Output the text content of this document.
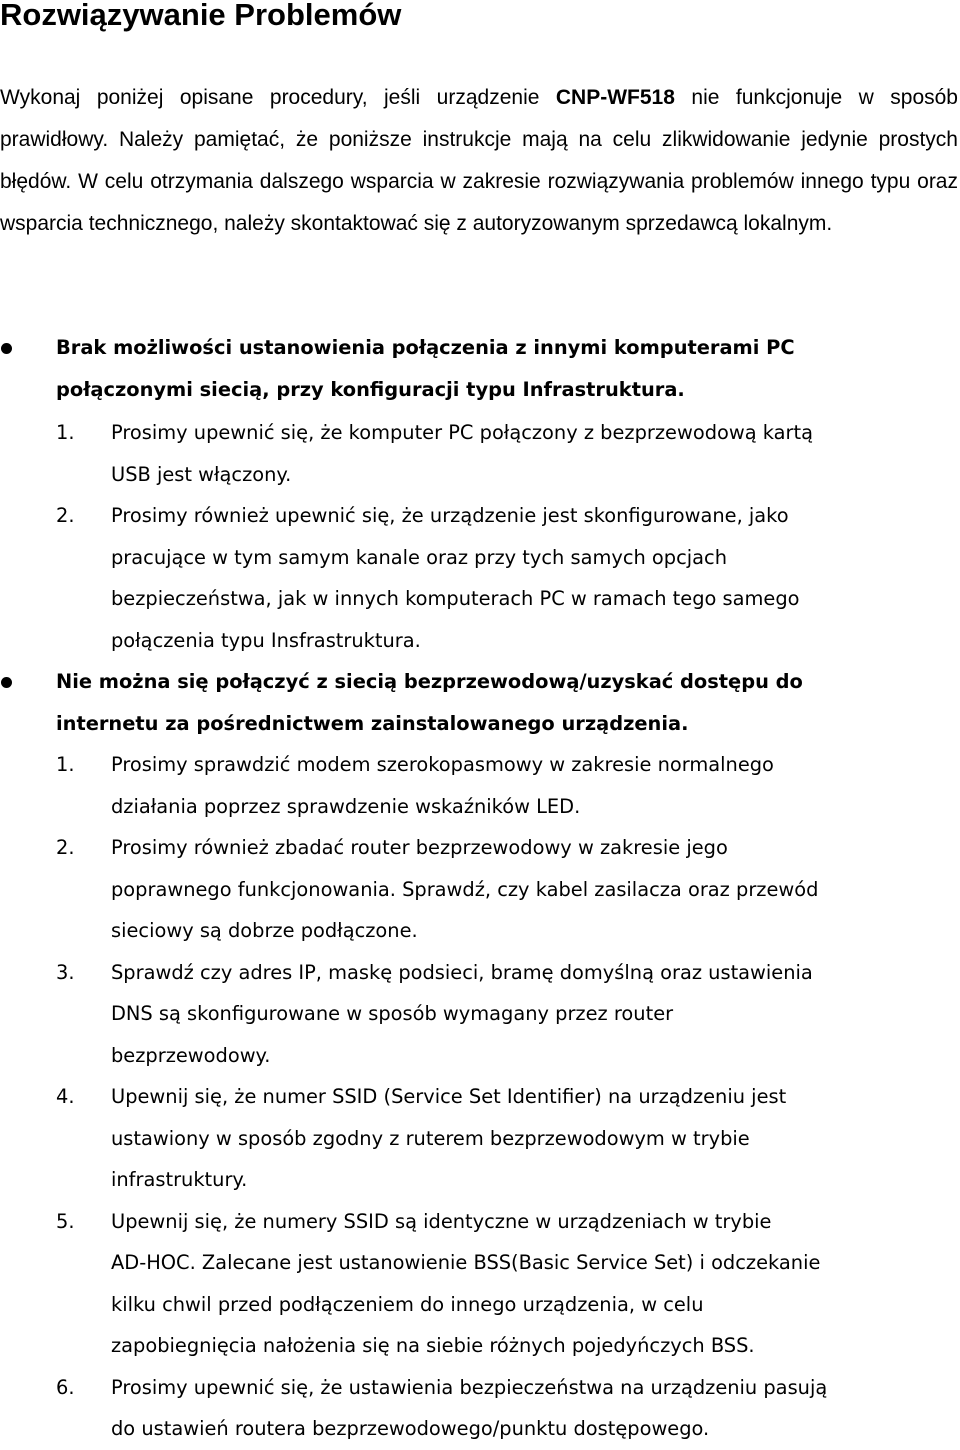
Rozwiązywanie Problemów

Wykonaj poniżej opisane procedury, jeśli urządzenie CNP-WF518 nie funkcjonuje w sposób prawidłowy. Należy pamiętać, że poniższe instrukcje mają na celu zlikwidowanie jedynie prostych błędów. W celu otrzymania dalszego wsparcia w zakresie rozwiązywania problemów innego typu oraz wsparcia technicznego, należy skontaktować się z autoryzowanym sprzedawcą lokalnym.

Brak możliwości ustanowienia połączenia z innymi komputerami PC
połączonymi siecią, przy konfiguracji typu Infrastruktura.
1. Prosimy upewnić się, że komputer PC połączony z bezprzewodową kartą
USB jest włączony.
2. Prosimy również upewnić się, że urządzenie jest skonfigurowane, jako
pracujące w tym samym kanale oraz przy tych samych opcjach
bezpieczeństwa, jak w innych komputerach PC w ramach tego samego
połączenia typu Insfrastruktura.
Nie można się połączyć z siecią bezprzewodową/uzyskać dostępu do
internetu za pośrednictwem zainstalowanego urządzenia.
1. Prosimy sprawdzić modem szerokopasmowy w zakresie normalnego
działania poprzez sprawdzenie wskaźników LED.
2. Prosimy również zbadać router bezprzewodowy w zakresie jego
poprawnego funkcjonowania. Sprawdź, czy kabel zasilacza oraz przewód
sieciowy są dobrze podłączone.
3. Sprawdź czy adres IP, maskę podsieci, bramę domyślną oraz ustawienia
DNS są skonfigurowane w sposób wymagany przez router
bezprzewodowy.
4. Upewnij się, że numer SSID (Service Set Identifier) na urządzeniu jest
ustawiony w sposób zgodny z ruterem bezprzewodowym w trybie
infrastruktury.
5. Upewnij się, że numery SSID są identyczne w urządzeniach w trybie
AD-HOC. Zalecane jest ustanowienie BSS(Basic Service Set) i odczekanie
kilku chwil przed podłączeniem do innego urządzenia, w celu
zapobiegnięcia nałożenia się na siebie różnych pojedyńczych BSS.
6. Prosimy upewnić się, że ustawienia bezpieczeństwa na urządzeniu pasują
do ustawień routera bezprzewodowego/punktu dostępowego.
